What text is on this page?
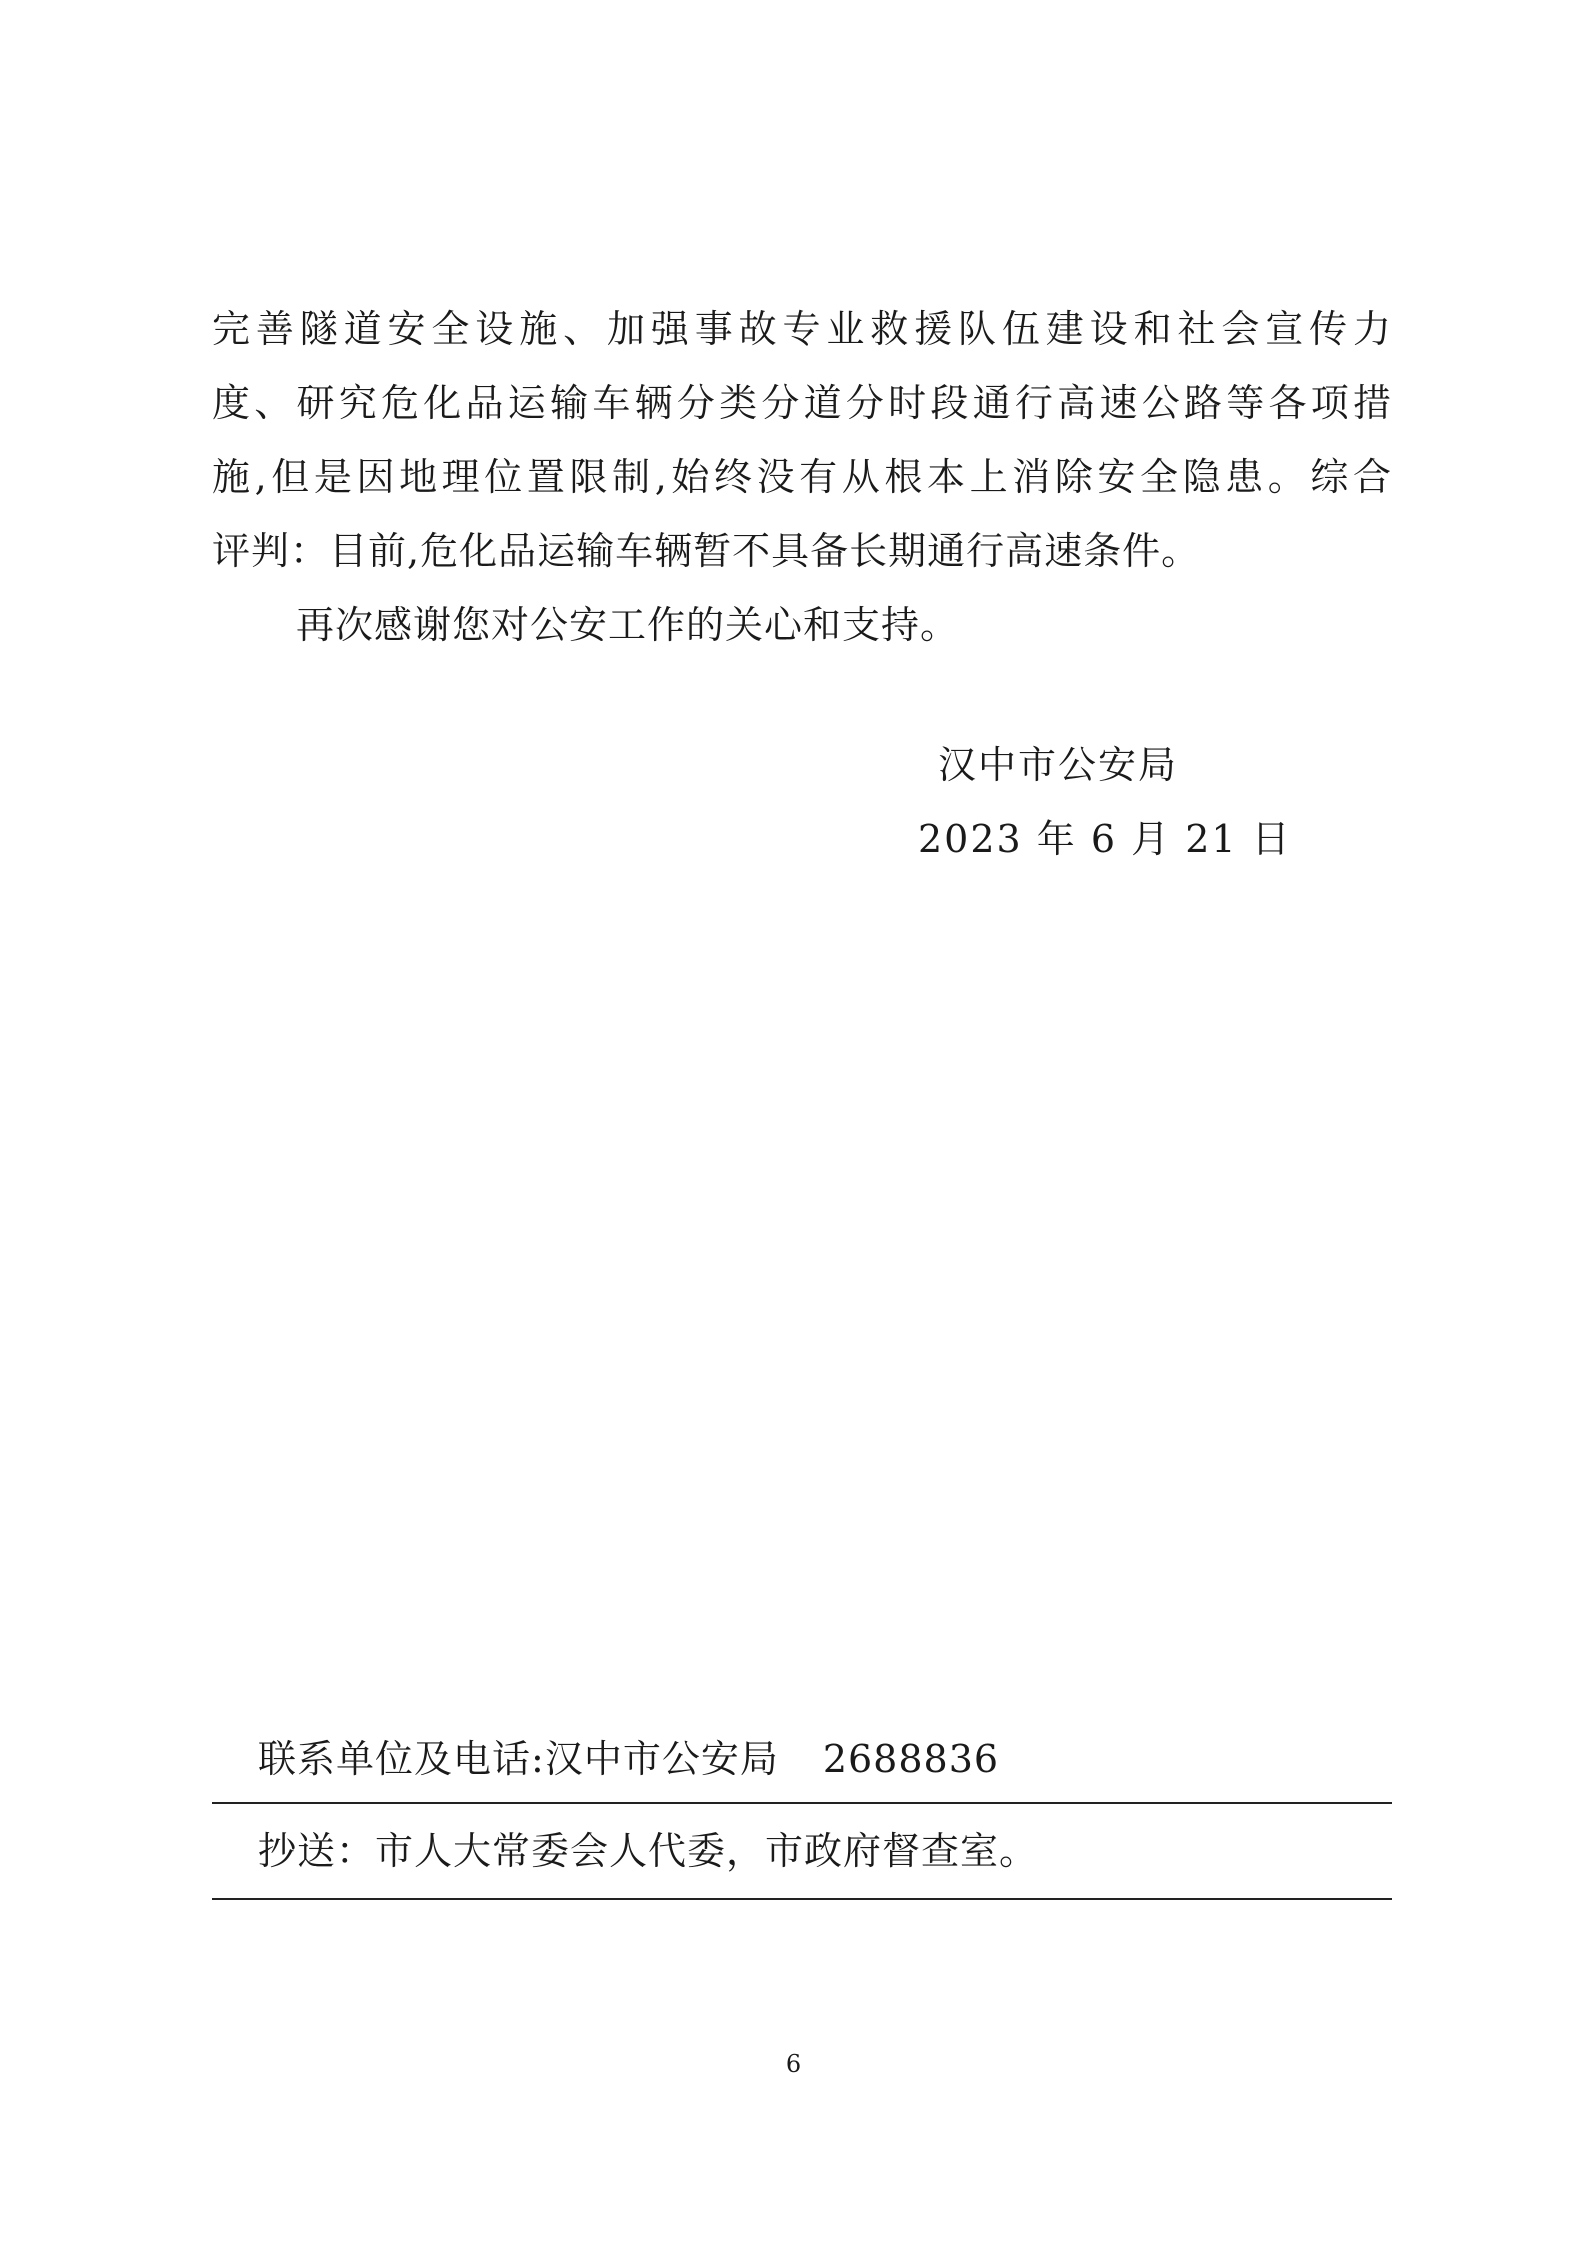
完善隧道安全设施、加强事故专业救援队伍建设和社会宣传力
度、研究危化品运输车辆分类分道分时段通行高速公路等各项措
施,但是因地理位置限制,始终没有从根本上消除安全隐患。综合
评判：目前,危化品运输车辆暂不具备长期通行高速条件。
再次感谢您对公安工作的关心和支持。
汉中市公安局
2023 年 6 月 21 日
联系单位及电话:汉中市公安局 2688836
抄送：市人大常委会人代委，市政府督查室。
6
